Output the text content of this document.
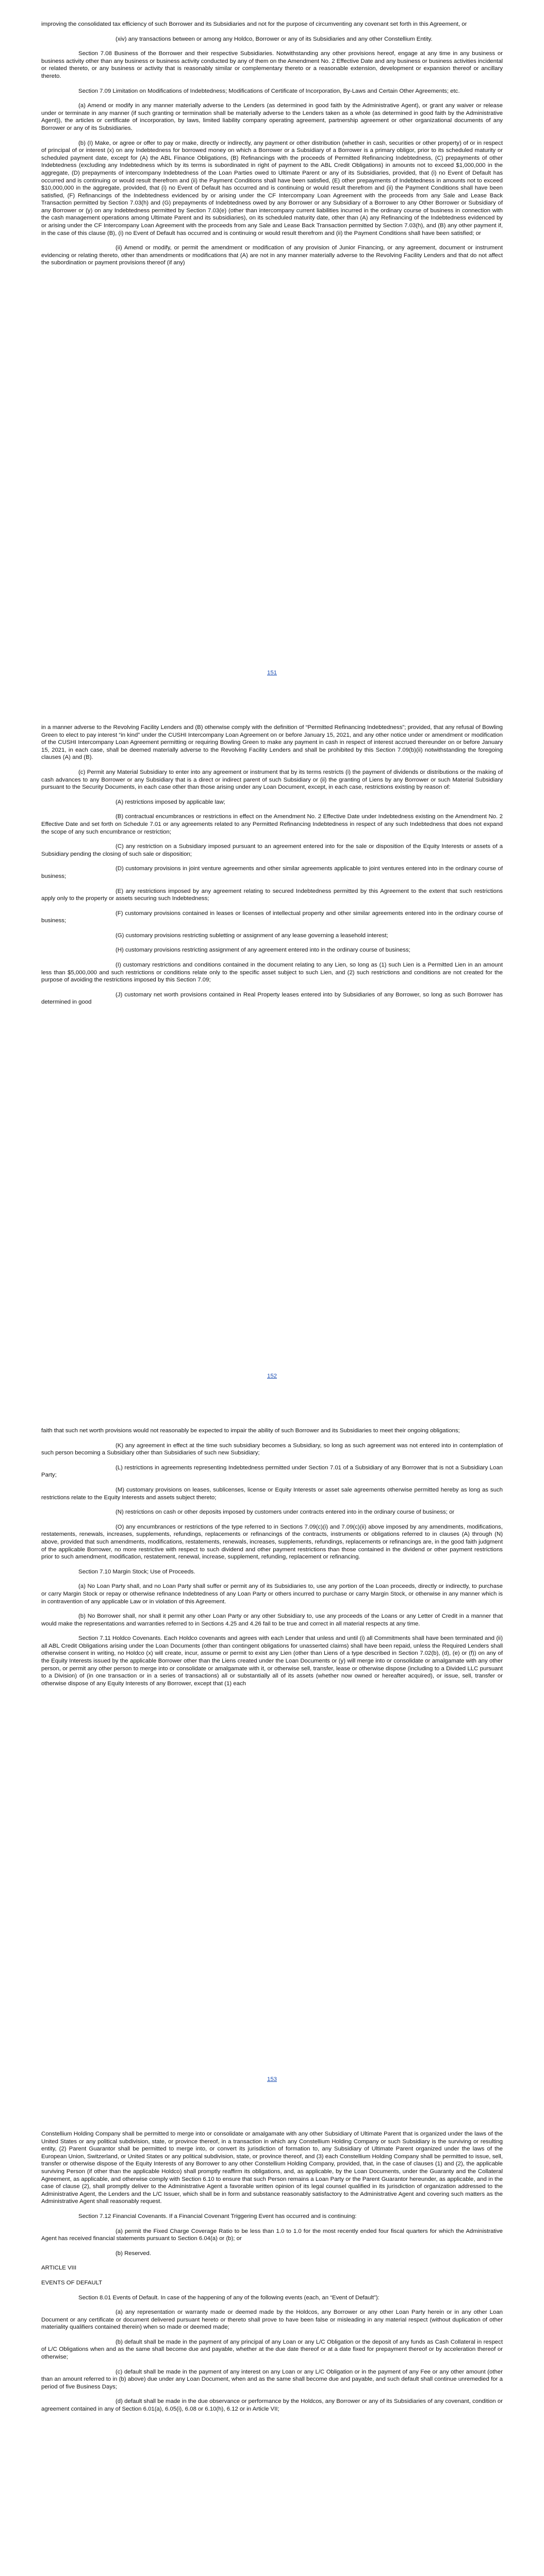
improving the consolidated tax efficiency of such Borrower and its Subsidiaries and not for the purpose of circumventing any covenant set forth in this Agreement, or

(xiv) any transactions between or among any Holdco, Borrower or any of its Subsidiaries and any other Constellium Entity.

Section 7.08 Business of the Borrower and their respective Subsidiaries. Notwithstanding any other provisions hereof, engage at any time in any business or business activity other than any business or business activity conducted by any of them on the Amendment No. 2 Effective Date and any business or business activities incidental or related thereto, or any business or activity that is reasonably similar or complementary thereto or a reasonable extension, development or expansion thereof or ancillary thereto.

Section 7.09 Limitation on Modifications of Indebtedness; Modifications of Certificate of Incorporation, By-Laws and Certain Other Agreements; etc.

(a) Amend or modify in any manner materially adverse to the Lenders (as determined in good faith by the Administrative Agent), or grant any waiver or release under or terminate in any manner (if such granting or termination shall be materially adverse to the Lenders taken as a whole (as determined in good faith by the Administrative Agent)), the articles or certificate of incorporation, by laws, limited liability company operating agreement, partnership agreement or other organizational documents of any Borrower or any of its Subsidiaries.

(b) (I) Make, or agree or offer to pay or make, directly or indirectly, any payment or other distribution (whether in cash, securities or other property) of or in respect of principal of or interest (x) on any Indebtedness for borrowed money on which a Borrower or a Subsidiary of a Borrower is a primary obligor, prior to its scheduled maturity or scheduled payment date, except for (A) the ABL Finance Obligations, (B) Refinancings with the proceeds of Permitted Refinancing Indebtedness, (C) prepayments of other Indebtedness (excluding any Indebtedness which by its terms is subordinated in right of payment to the ABL Credit Obligations) in amounts not to exceed $1,000,000 in the aggregate, (D) prepayments of intercompany Indebtedness of the Loan Parties owed to Ultimate Parent or any of its Subsidiaries, provided, that (i) no Event of Default has occurred and is continuing or would result therefrom and (ii) the Payment Conditions shall have been satisfied, (E) other prepayments of Indebtedness in amounts not to exceed $10,000,000 in the aggregate, provided, that (i) no Event of Default has occurred and is continuing or would result therefrom and (ii) the Payment Conditions shall have been satisfied, (F) Refinancings of the Indebtedness evidenced by or arising under the CF Intercompany Loan Agreement with the proceeds from any Sale and Lease Back Transaction permitted by Section 7.03(h) and (G) prepayments of Indebtedness owed by any Borrower or any Subsidiary of a Borrower to any Other Borrower or Subsidiary of any Borrower or (y) on any Indebtedness permitted by Section 7.03(e) (other than intercompany current liabilities incurred in the ordinary course of business in connection with the cash management operations among Ultimate Parent and its subsidiaries), on its scheduled maturity date, other than (A) any Refinancing of the Indebtedness evidenced by or arising under the CF Intercompany Loan Agreement with the proceeds from any Sale and Lease Back Transaction permitted by Section 7.03(h), and (B) any other payment if, in the case of this clause (B), (i) no Event of Default has occurred and is continuing or would result therefrom and (ii) the Payment Conditions shall have been satisfied; or

(ii) Amend or modify, or permit the amendment or modification of any provision of Junior Financing, or any agreement, document or instrument evidencing or relating thereto, other than amendments or modifications that (A) are not in any manner materially adverse to the Revolving Facility Lenders and that do not affect the subordination or payment provisions thereof (if any)

151

in a manner adverse to the Revolving Facility Lenders and (B) otherwise comply with the definition of “Permitted Refinancing Indebtedness”; provided, that any refusal of Bowling Green to elect to pay interest “in kind” under the CUSHI Intercompany Loan Agreement on or before January 15, 2021, and any other notice under or amendment or modification of the CUSHI Intercompany Loan Agreement permitting or requiring Bowling Green to make any payment in cash in respect of interest accrued thereunder on or before January 15, 2021, in each case, shall be deemed materially adverse to the Revolving Facility Lenders and shall be prohibited by this Section 7.09(b)(ii) notwithstanding the foregoing clauses (A) and (B).

(c) Permit any Material Subsidiary to enter into any agreement or instrument that by its terms restricts (i) the payment of dividends or distributions or the making of cash advances to any Borrower or any Subsidiary that is a direct or indirect parent of such Subsidiary or (ii) the granting of Liens by any Borrower or such Material Subsidiary pursuant to the Security Documents, in each case other than those arising under any Loan Document, except, in each case, restrictions existing by reason of:

(A) restrictions imposed by applicable law;

(B) contractual encumbrances or restrictions in effect on the Amendment No. 2 Effective Date under Indebtedness existing on the Amendment No. 2 Effective Date and set forth on Schedule 7.01 or any agreements related to any Permitted Refinancing Indebtedness in respect of any such Indebtedness that does not expand the scope of any such encumbrance or restriction;

(C) any restriction on a Subsidiary imposed pursuant to an agreement entered into for the sale or disposition of the Equity Interests or assets of a Subsidiary pending the closing of such sale or disposition;

(D) customary provisions in joint venture agreements and other similar agreements applicable to joint ventures entered into in the ordinary course of business;

(E) any restrictions imposed by any agreement relating to secured Indebtedness permitted by this Agreement to the extent that such restrictions apply only to the property or assets securing such Indebtedness;

(F) customary provisions contained in leases or licenses of intellectual property and other similar agreements entered into in the ordinary course of business;

(G) customary provisions restricting subletting or assignment of any lease governing a leasehold interest;

(H) customary provisions restricting assignment of any agreement entered into in the ordinary course of business;

(I) customary restrictions and conditions contained in the document relating to any Lien, so long as (1) such Lien is a Permitted Lien in an amount less than $5,000,000 and such restrictions or conditions relate only to the specific asset subject to such Lien, and (2) such restrictions and conditions are not created for the purpose of avoiding the restrictions imposed by this Section 7.09;

(J) customary net worth provisions contained in Real Property leases entered into by Subsidiaries of any Borrower, so long as such Borrower has determined in good

152

faith that such net worth provisions would not reasonably be expected to impair the ability of such Borrower and its Subsidiaries to meet their ongoing obligations;

(K) any agreement in effect at the time such subsidiary becomes a Subsidiary, so long as such agreement was not entered into in contemplation of such person becoming a Subsidiary other than Subsidiaries of such new Subsidiary;

(L) restrictions in agreements representing Indebtedness permitted under Section 7.01 of a Subsidiary of any Borrower that is not a Subsidiary Loan Party;

(M) customary provisions on leases, sublicenses, license or Equity Interests or asset sale agreements otherwise permitted hereby as long as such restrictions relate to the Equity Interests and assets subject thereto;

(N) restrictions on cash or other deposits imposed by customers under contracts entered into in the ordinary course of business; or

(O) any encumbrances or restrictions of the type referred to in Sections 7.09(c)(i) and 7.09(c)(ii) above imposed by any amendments, modifications, restatements, renewals, increases, supplements, refundings, replacements or refinancings of the contracts, instruments or obligations referred to in clauses (A) through (N) above, provided that such amendments, modifications, restatements, renewals, increases, supplements, refundings, replacements or refinancings are, in the good faith judgment of the applicable Borrower, no more restrictive with respect to such dividend and other payment restrictions than those contained in the dividend or other payment restrictions prior to such amendment, modification, restatement, renewal, increase, supplement, refunding, replacement or refinancing.

Section 7.10 Margin Stock; Use of Proceeds.

(a) No Loan Party shall, and no Loan Party shall suffer or permit any of its Subsidiaries to, use any portion of the Loan proceeds, directly or indirectly, to purchase or carry Margin Stock or repay or otherwise refinance Indebtedness of any Loan Party or others incurred to purchase or carry Margin Stock, or otherwise in any manner which is in contravention of any applicable Law or in violation of this Agreement.

(b) No Borrower shall, nor shall it permit any other Loan Party or any other Subsidiary to, use any proceeds of the Loans or any Letter of Credit in a manner that would make the representations and warranties referred to in Sections 4.25 and 4.26 fail to be true and correct in all material respects at any time.

Section 7.11 Holdco Covenants. Each Holdco covenants and agrees with each Lender that unless and until (i) all Commitments shall have been terminated and (ii) all ABL Credit Obligations arising under the Loan Documents (other than contingent obligations for unasserted claims) shall have been repaid, unless the Required Lenders shall otherwise consent in writing, no Holdco (x) will create, incur, assume or permit to exist any Lien (other than Liens of a type described in Section 7.02(b), (d), (e) or (f)) on any of the Equity Interests issued by the applicable Borrower other than the Liens created under the Loan Documents or (y) will merge into or consolidate or amalgamate with any other person, or permit any other person to merge into or consolidate or amalgamate with it, or otherwise sell, transfer, lease or otherwise dispose (including to a Divided LLC pursuant to a Division) of (in one transaction or in a series of transactions) all or substantially all of its assets (whether now owned or hereafter acquired), or issue, sell, transfer or otherwise dispose of any Equity Interests of any Borrower, except that (1) each

153

Constellium Holding Company shall be permitted to merge into or consolidate or amalgamate with any other Subsidiary of Ultimate Parent that is organized under the laws of the United States or any political subdivision, state, or province thereof, in a transaction in which any Constellium Holding Company or such Subsidiary is the surviving or resulting entity, (2) Parent Guarantor shall be permitted to merge into, or convert its jurisdiction of formation to, any Subsidiary of Ultimate Parent organized under the laws of the European Union, Switzerland, or United States or any political subdivision, state, or province thereof, and (3) each Constellium Holding Company shall be permitted to issue, sell, transfer or otherwise dispose of the Equity Interests of any Borrower to any other Constellium Holding Company, provided, that, in the case of clauses (1) and (2), the applicable surviving Person (if other than the applicable Holdco) shall promptly reaffirm its obligations, and, as applicable, by the Loan Documents, under the Guaranty and the Collateral Agreement, as applicable, and otherwise comply with Section 6.10 to ensure that such Person remains a Loan Party or the Parent Guarantor hereunder, as applicable, and in the case of clause (2), shall promptly deliver to the Administrative Agent a favorable written opinion of its legal counsel qualified in its jurisdiction of organization addressed to the Administrative Agent, the Lenders and the L/C Issuer, which shall be in form and substance reasonably satisfactory to the Administrative Agent and covering such matters as the Administrative Agent shall reasonably request.

Section 7.12 Financial Covenants. If a Financial Covenant Triggering Event has occurred and is continuing:

(a) permit the Fixed Charge Coverage Ratio to be less than 1.0 to 1.0 for the most recently ended four fiscal quarters for which the Administrative Agent has received financial statements pursuant to Section 6.04(a) or (b); or

(b) Reserved.

ARTICLE VIII

EVENTS OF DEFAULT

Section 8.01 Events of Default. In case of the happening of any of the following events (each, an “Event of Default”):

(a) any representation or warranty made or deemed made by the Holdcos, any Borrower or any other Loan Party herein or in any other Loan Document or any certificate or document delivered pursuant hereto or thereto shall prove to have been false or misleading in any material respect (without duplication of other materiality qualifiers contained therein) when so made or deemed made;

(b) default shall be made in the payment of any principal of any Loan or any L/C Obligation or the deposit of any funds as Cash Collateral in respect of L/C Obligations when and as the same shall become due and payable, whether at the due date thereof or at a date fixed for prepayment thereof or by acceleration thereof or otherwise;

(c) default shall be made in the payment of any interest on any Loan or any L/C Obligation or in the payment of any Fee or any other amount (other than an amount referred to in (b) above) due under any Loan Document, when and as the same shall become due and payable, and such default shall continue unremedied for a period of five Business Days;

(d) default shall be made in the due observance or performance by the Holdcos, any Borrower or any of its Subsidiaries of any covenant, condition or agreement contained in any of Section 6.01(a), 6.05(i), 6.08 or 6.10(h), 6.12 or in Article VII;
